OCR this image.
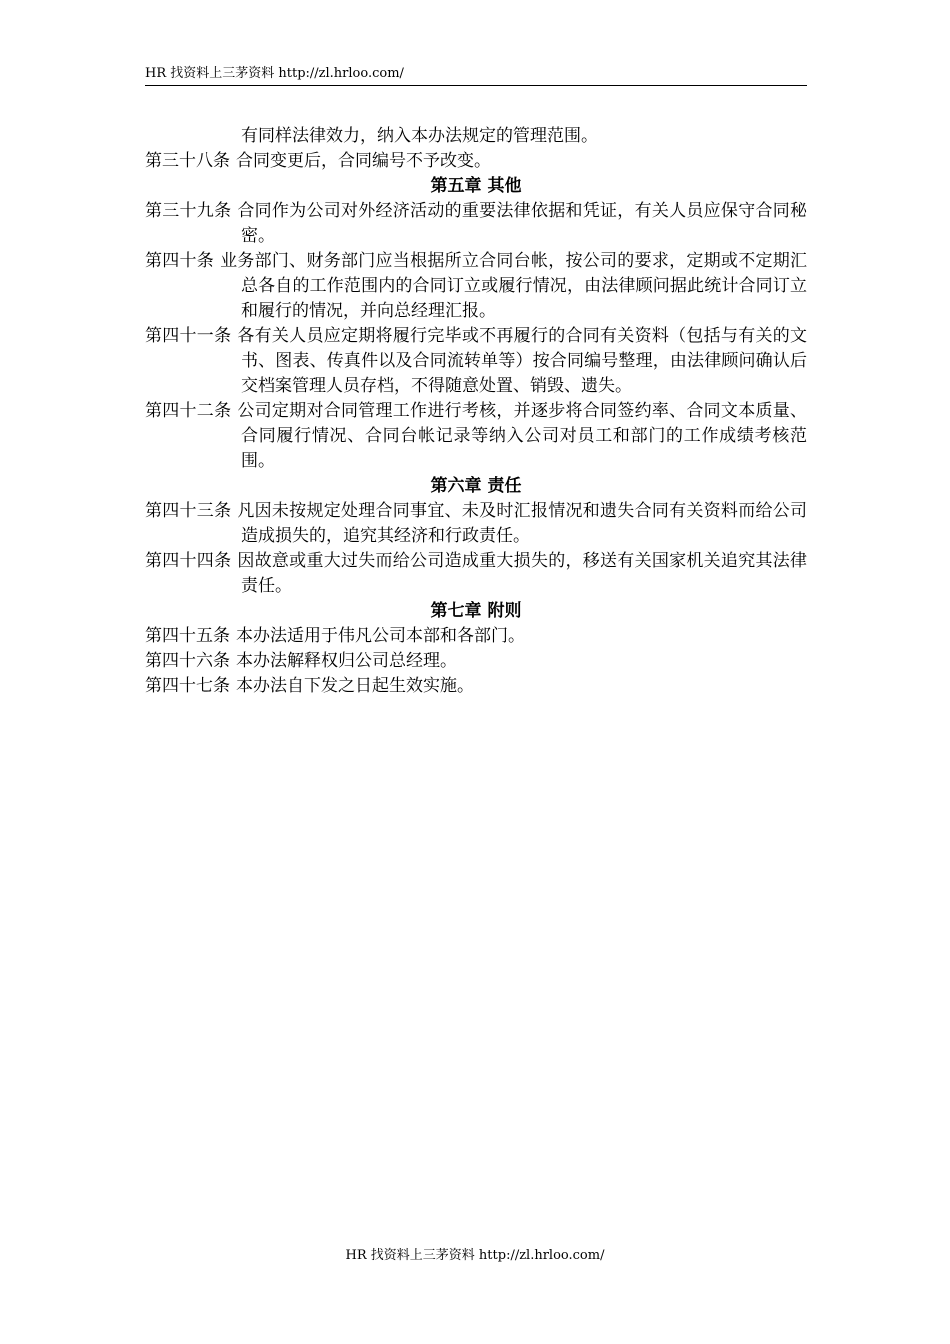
HR 找资料上三茅资料 http://zl.hrloo.com/

有同样法律效力，纳入本办法规定的管理范围。

第三十八条 合同变更后，合同编号不予改变。

第五章 其他

第三十九条 合同作为公司对外经济活动的重要法律依据和凭证，有关人员应保守合同秘密。

第四十条 业务部门、财务部门应当根据所立合同台帐，按公司的要求，定期或不定期汇总各自的工作范围内的合同订立或履行情况，由法律顾问据此统计合同订立和履行的情况，并向总经理汇报。

第四十一条 各有关人员应定期将履行完毕或不再履行的合同有关资料（包括与有关的文书、图表、传真件以及合同流转单等）按合同编号整理，由法律顾问确认后交档案管理人员存档，不得随意处置、销毁、遗失。

第四十二条 公司定期对合同管理工作进行考核，并逐步将合同签约率、合同文本质量、合同履行情况、合同台帐记录等纳入公司对员工和部门的工作成绩考核范围。

第六章 责任

第四十三条 凡因未按规定处理合同事宜、未及时汇报情况和遗失合同有关资料而给公司造成损失的，追究其经济和行政责任。

第四十四条 因故意或重大过失而给公司造成重大损失的，移送有关国家机关追究其法律责任。

第七章 附则

第四十五条 本办法适用于伟凡公司本部和各部门。

第四十六条 本办法解释权归公司总经理。

第四十七条 本办法自下发之日起生效实施。

HR 找资料上三茅资料 http://zl.hrloo.com/
